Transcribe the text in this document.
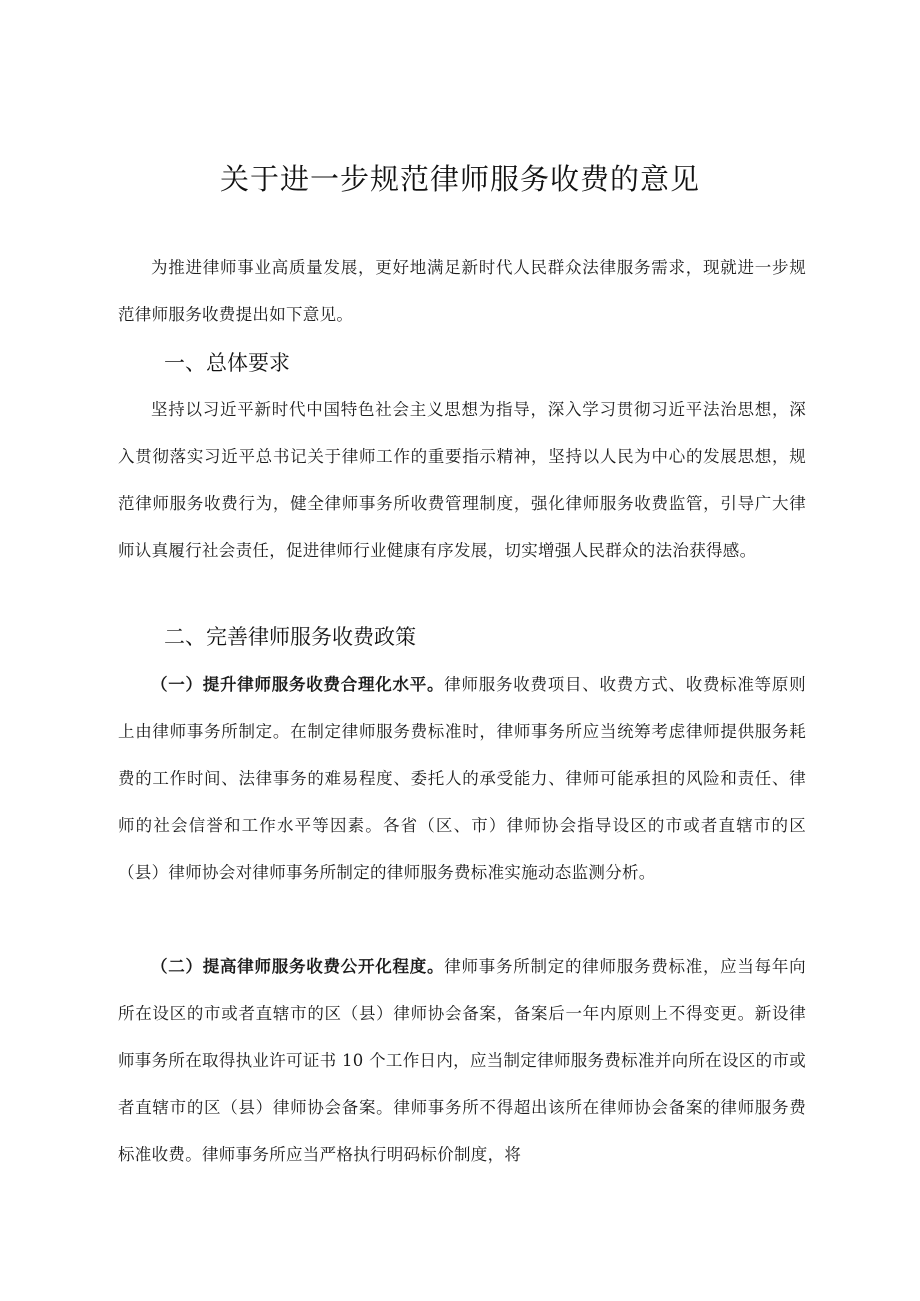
关于进一步规范律师服务收费的意见

为推进律师事业高质量发展，更好地满足新时代人民群众法律服务需求，现就进一步规范律师服务收费提出如下意见。

一、总体要求

坚持以习近平新时代中国特色社会主义思想为指导，深入学习贯彻习近平法治思想，深入贯彻落实习近平总书记关于律师工作的重要指示精神，坚持以人民为中心的发展思想，规范律师服务收费行为，健全律师事务所收费管理制度，强化律师服务收费监管，引导广大律师认真履行社会责任，促进律师行业健康有序发展，切实增强人民群众的法治获得感。

二、完善律师服务收费政策

（一）提升律师服务收费合理化水平。律师服务收费项目、收费方式、收费标准等原则上由律师事务所制定。在制定律师服务费标准时，律师事务所应当统筹考虑律师提供服务耗费的工作时间、法律事务的难易程度、委托人的承受能力、律师可能承担的风险和责任、律师的社会信誉和工作水平等因素。各省（区、市）律师协会指导设区的市或者直辖市的区（县）律师协会对律师事务所制定的律师服务费标准实施动态监测分析。

（二）提高律师服务收费公开化程度。律师事务所制定的律师服务费标准，应当每年向所在设区的市或者直辖市的区（县）律师协会备案，备案后一年内原则上不得变更。新设律师事务所在取得执业许可证书 10 个工作日内，应当制定律师服务费标准并向所在设区的市或者直辖市的区（县）律师协会备案。律师事务所不得超出该所在律师协会备案的律师服务费标准收费。律师事务所应当严格执行明码标价制度，将
